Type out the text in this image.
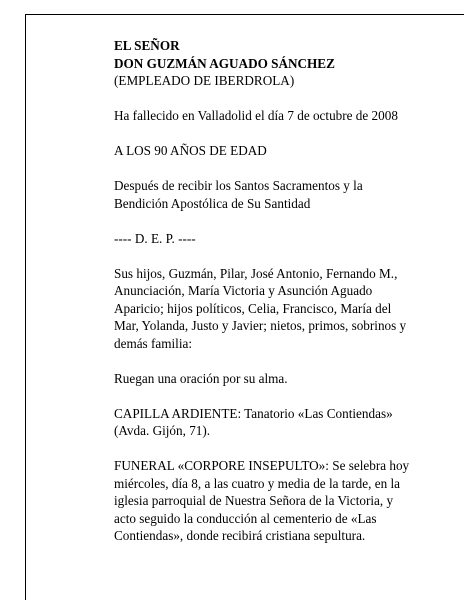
EL SEÑOR
DON GUZMÁN AGUADO SÁNCHEZ
(EMPLEADO DE IBERDROLA)
Ha fallecido en Valladolid el día 7 de octubre de 2008
A LOS 90 AÑOS DE EDAD
Después de recibir los Santos Sacramentos y la
Bendición Apostólica de Su Santidad
---- D. E. P. ----
Sus hijos, Guzmán, Pilar, José Antonio, Fernando M.,
Anunciación, María Victoria y Asunción Aguado
Aparicio; hijos políticos, Celia, Francisco, María del
Mar, Yolanda, Justo y Javier; nietos, primos, sobrinos y
demás familia:
Ruegan una oración por su alma.
CAPILLA ARDIENTE: Tanatorio «Las Contiendas»
(Avda. Gijón, 71).
FUNERAL «CORPORE INSEPULTO»: Se selebra hoy
miércoles, día 8, a las cuatro y media de la tarde, en la
iglesia parroquial de Nuestra Señora de la Victoria, y
acto seguido la conducción al cementerio de «Las
Contiendas», donde recibirá cristiana sepultura.
